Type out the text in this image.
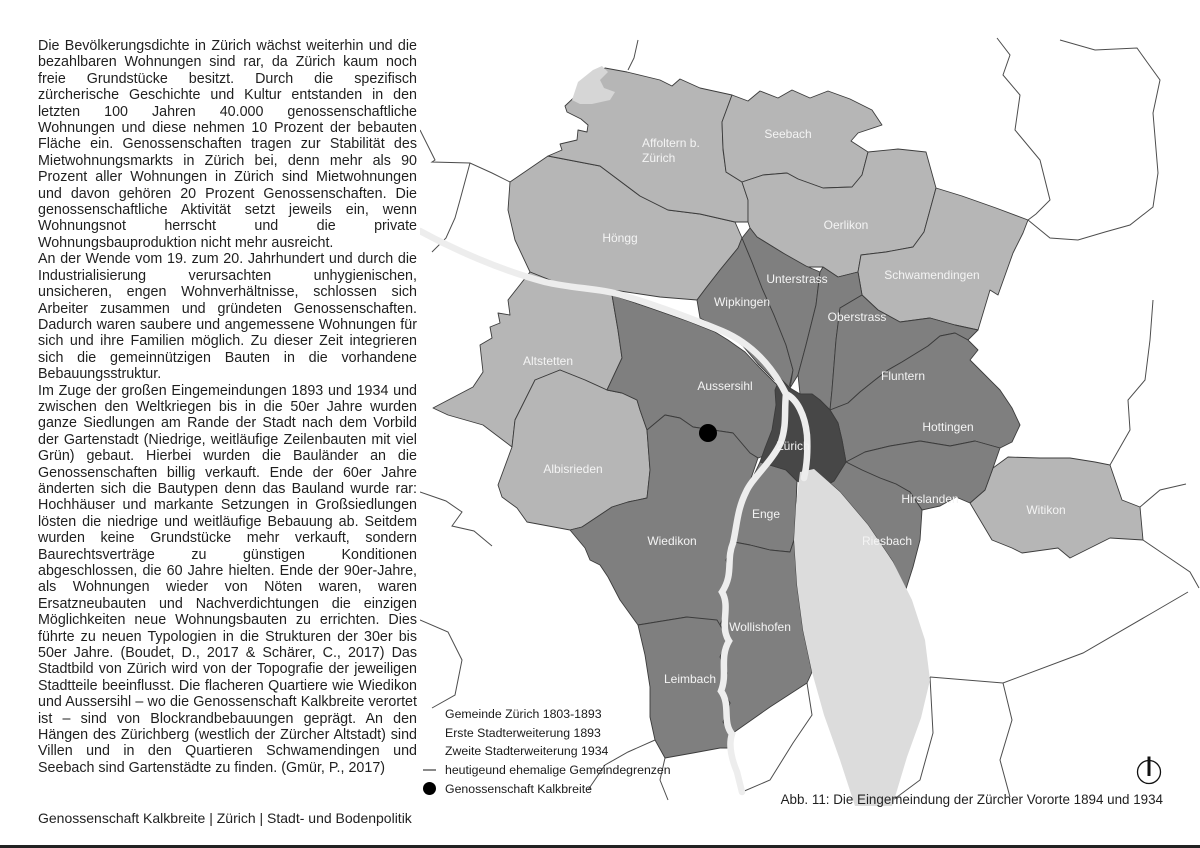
Die Bevölkerungsdichte in Zürich wächst weiterhin und die bezahlbaren Wohnungen sind rar, da Zürich kaum noch freie Grundstücke besitzt. Durch die spezifisch zürcherische Geschichte und Kultur entstanden in den letzten 100 Jahren 40.000 genossenschaftliche Wohnungen und diese nehmen 10 Prozent der bebauten Fläche ein. Genossenschaften tragen zur Stabilität des Mietwohnungsmarkts in Zürich bei, denn mehr als 90 Prozent aller Wohnungen in Zürich sind Mietwohnungen und davon gehören 20 Prozent Genossenschaften. Die genossenschaftliche Aktivität setzt jeweils ein, wenn Wohnungsnot herrscht und die private Wohnungsbauproduktion nicht mehr ausreicht.

An der Wende vom 19. zum 20. Jahrhundert und durch die Industrialisierung verursachten unhygienischen, unsicheren, engen Wohnverhältnisse, schlossen sich Arbeiter zusammen und gründeten Genossenschaften. Dadurch waren saubere und angemessene Wohnungen für sich und ihre Familien möglich. Zu dieser Zeit integrieren sich die gemeinnützigen Bauten in die vorhandene Bebauungsstruktur.

Im Zuge der großen Eingemeindungen 1893 und 1934 und zwischen den Weltkriegen bis in die 50er Jahre wurden ganze Siedlungen am Rande der Stadt nach dem Vorbild der Gartenstadt (Niedrige, weitläufige Zeilenbauten mit viel Grün) gebaut. Hierbei wurden die Bauländer an die Genossenschaften billig verkauft. Ende der 60er Jahre änderten sich die Bautypen denn das Bauland wurde rar: Hochhäuser und markante Setzungen in Großsiedlungen lösten die niedrige und weitläufige Bebauung ab. Seitdem wurden keine Grundstücke mehr verkauft, sondern Baurechtsverträge zu günstigen Konditionen abgeschlossen, die 60 Jahre hielten. Ende der 90er-Jahre, als Wohnungen wieder von Nöten waren, waren Ersatzneubauten und Nachverdichtungen die einzigen Möglichkeiten neue Wohnungsbauten zu errichten. Dies führte zu neuen Typologien in die Strukturen der 30er bis 50er Jahre. (Boudet, D., 2017 & Schärer, C., 2017) Das Stadtbild von Zürich wird von der Topografie der jeweiligen Stadtteile beeinflusst. Die flacheren Quartiere wie Wiedikon und Aussersihl – wo die Genossenschaft Kalkbreite verortet ist – sind von Blockrandbebauungen geprägt. An den Hängen des Zürichberg (westlich der Zürcher Altstadt) sind Villen und in den Quartieren Schwamendingen und Seebach sind Gartenstädte zu finden. (Gmür, P., 2017)

Genossenschaft Kalkbreite | Zürich | Stadt- und Bodenpolitik
Höngg
Affoltern b. Zürich
Seebach
Oerlikon
Schwamendingen
Altstetten
Albisrieden
Witikon
Wipkingen
Unterstrass
Oberstrass
Fluntern
Hottingen
Hirslanden
Riesbach
Aussersihl
Enge
Wiedikon
Wollishofen
Leimbach
Zürich
Gemeinde Zürich 1803-1893
Erste Stadterweiterung 1893
Zweite Stadterweiterung 1934
heutigeund ehemalige Gemeindegrenzen
Genossenschaft Kalkbreite
Abb. 11: Die Eingemeindung der Zürcher Vororte 1894 und 1934
